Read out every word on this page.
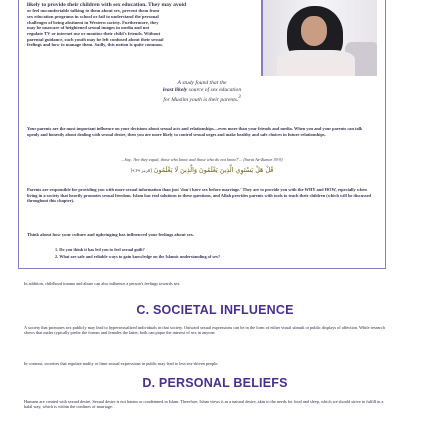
likely to provide their children with sex education. They may avoid
or feel uncomfortable talking to them about sex, prevent them from
sex education programs in school or fail to understand the personal
challenges of being abstinent in Western society. Furthermore, they
may be unaware of heightened sexual images in media and not
regulate TV or internet use or monitor their child's friends. Without
parental guidance, such youth may be left confused about their sexual
feelings and how to manage them. Sadly, this notion is quite common.
A study found that the
least likely source of sex education
for Muslim youth is their parents.$^3$
Your parents are the most important influence on your decisions about sexual acts and relationships—even more than your friends and media. When you and your parents can talk openly and honestly about dealing with sexual desire, then you are more likely to control sexual urges and make healthy and safe choices in future relationships.
...Say, 'Are they equal, those who know and those who do not know?'... (Surat Az-Zumar 39:9)
[الزمر ٩:٣٩] قُلْ هَلْ يَسْتَوِي الَّذِينَ يَعْلَمُونَ وَالَّذِينَ لَا يَعْلَمُونَ
Parents are responsible for providing you with more sexual information than just 'don't have sex before marriage.' They are to provide you with the WHY and HOW, especially when living in a society that heavily promotes sexual freedom. Islam has real solutions to these questions, and Allah provides parents with tools to teach their children (which will be discussed throughout this chapter).
Think about how your culture and upbringing has influenced your feelings about sex.
1. Do you think it has led you to feel sexual guilt?
2. What are safe and reliable ways to gain knowledge on the Islamic understanding of sex?
In addition, childhood trauma and abuse can also influence a person's feelings towards sex.
C. SOCIETAL INFLUENCE
A society that promotes sex publicly may lead to hypersexualized individuals in that society. Outward sexual expressions can be in the form of either visual stimuli or public displays of affection. While research shows that males typically prefer the former and females the latter, both can pique the interest of sex in anyone.
In contrast, societies that regulate nudity or limit sexual expressions in public may lead to less sex-driven people.
D. PERSONAL BELIEFS
Humans are created with sexual desire. Sexual desire is not haram or condemned in Islam. Therefore, Islam views it as a natural desire, akin to the needs for food and sleep, which we should strive to fulfill in a halal way, which is within the confines of marriage.
